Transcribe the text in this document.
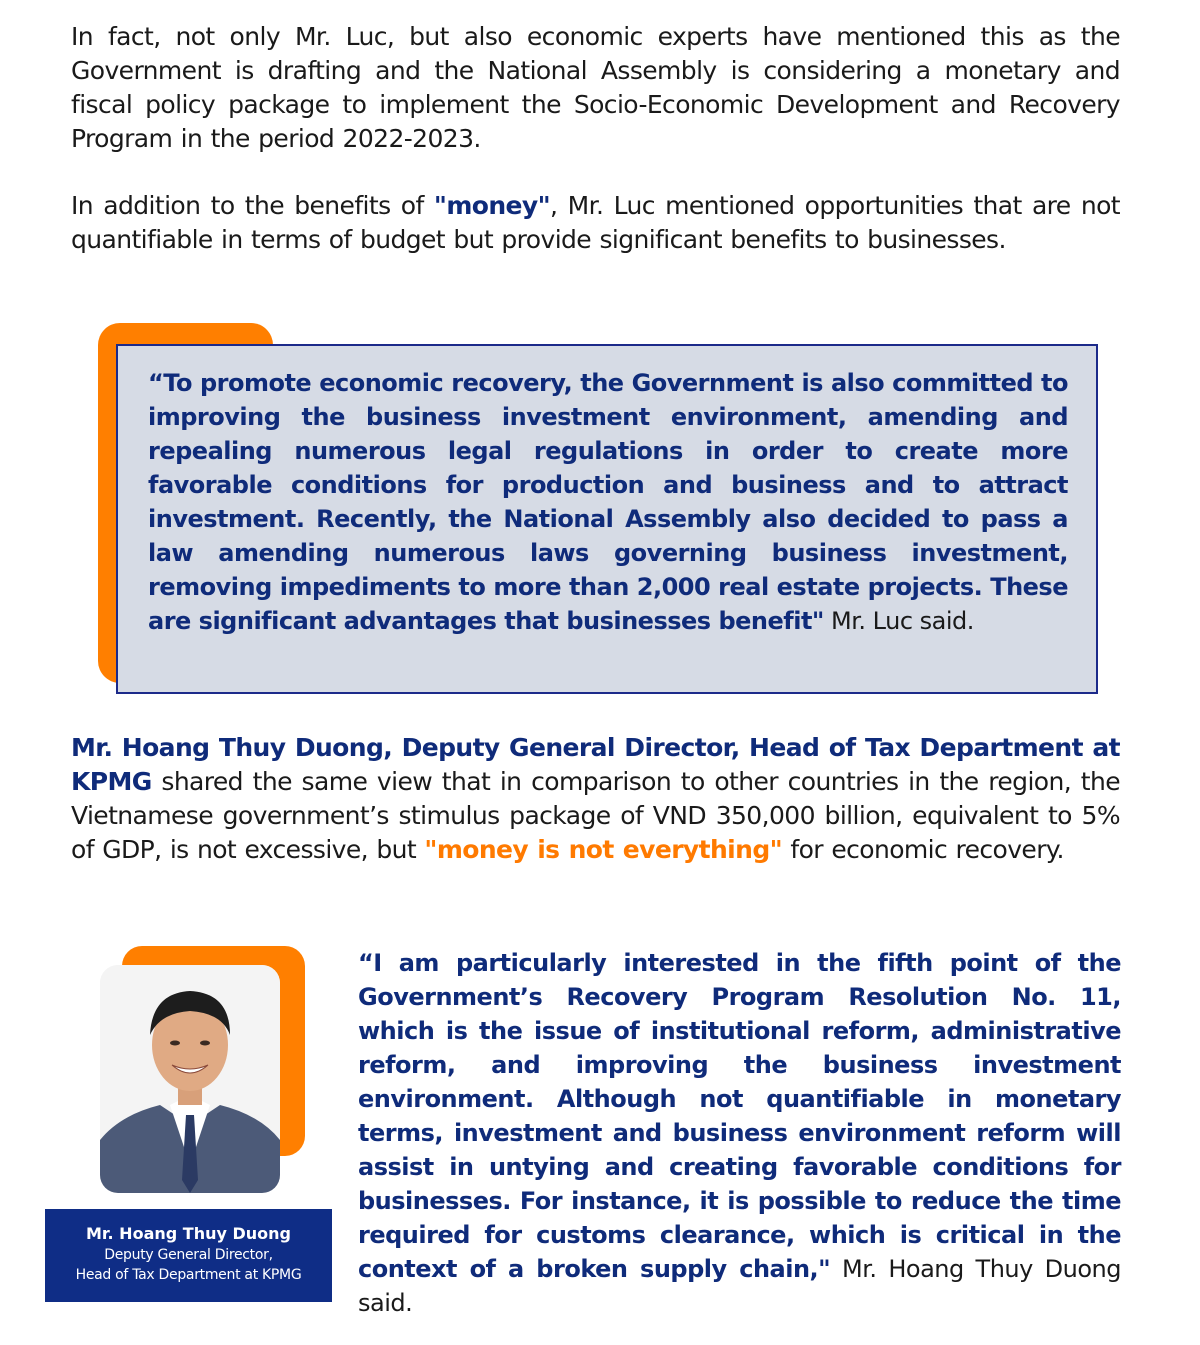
In fact, not only Mr. Luc, but also economic experts have mentioned this as the Government is drafting and the National Assembly is considering a monetary and fiscal policy package to implement the Socio-Economic Development and Recovery Program in the period 2022-2023.

In addition to the benefits of "money", Mr. Luc mentioned opportunities that are not quantifiable in terms of budget but provide significant benefits to businesses.

“To promote economic recovery, the Government is also committed to improving the business investment environment, amending and repealing numerous legal regulations in order to create more favorable conditions for production and business and to attract investment. Recently, the National Assembly also decided to pass a law amending numerous laws governing business investment, removing impediments to more than 2,000 real estate projects. These are significant advantages that businesses benefit" Mr. Luc said.

Mr. Hoang Thuy Duong, Deputy General Director, Head of Tax Department at KPMG shared the same view that in comparison to other countries in the region, the Vietnamese government’s stimulus package of VND 350,000 billion, equivalent to 5% of GDP, is not excessive, but "money is not everything" for economic recovery.

Mr. Hoang Thuy Duong
Deputy General Director,
Head of Tax Department at KPMG

“I am particularly interested in the fifth point of the Government’s Recovery Program Resolution No. 11, which is the issue of institutional reform, administrative reform, and improving the business investment environment. Although not quantifiable in monetary terms, investment and business environment reform will assist in untying and creating favorable conditions for businesses. For instance, it is possible to reduce the time required for customs clearance, which is critical in the context of a broken supply chain," Mr. Hoang Thuy Duong said.
